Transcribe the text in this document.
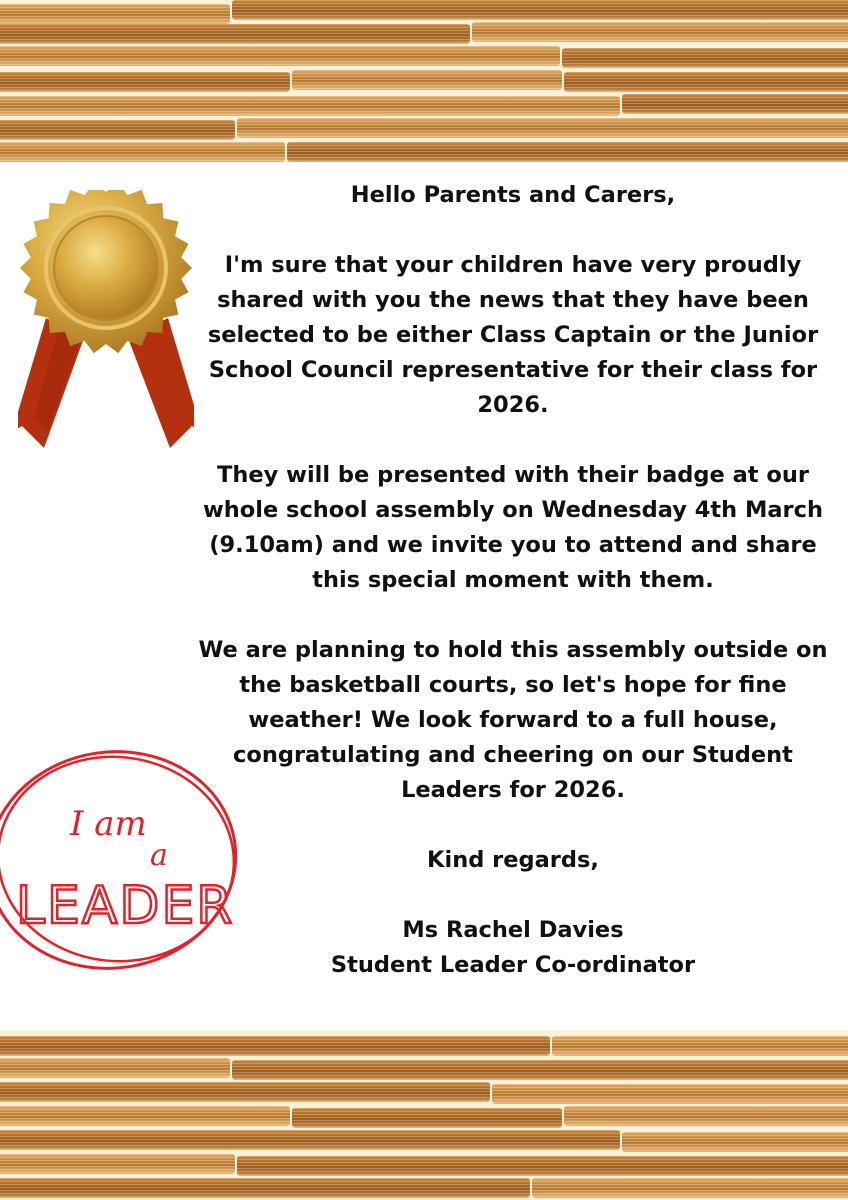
I am
a
LEADER

Hello Parents and Carers,

I'm sure that your children have very proudly
shared with you the news that they have been
selected to be either Class Captain or the Junior
School Council representative for their class for
2026.

They will be presented with their badge at our
whole school assembly on Wednesday 4th March
(9.10am) and we invite you to attend and share
this special moment with them.

We are planning to hold this assembly outside on
the basketball courts, so let's hope for fine
weather! We look forward to a full house,
congratulating and cheering on our Student
Leaders for 2026.

Kind regards,

Ms Rachel Davies
Student Leader Co-ordinator
